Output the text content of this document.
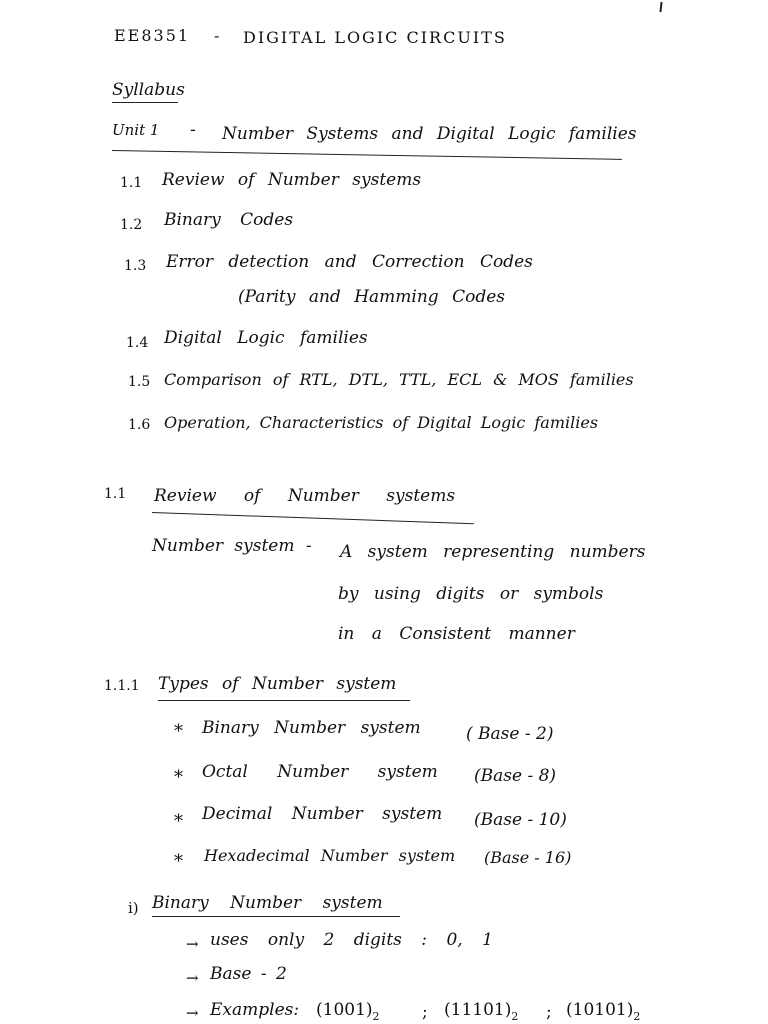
EE8351 - DIGITAL LOGIC CIRCUITS
Syllabus
Unit 1 - Number Systems and Digital Logic families
1.1 Review of Number systems
1.2 Binary Codes
1.3 Error detection and Correction Codes
(Parity and Hamming Codes
1.4 Digital Logic families
1.5 Comparison of RTL, DTL, TTL, ECL & MOS families
1.6 Operation, Characteristics of Digital Logic families
1.1 Review of Number systems
Number system - A system representing numbers
by using digits or symbols
in a Consistent manner
1.1.1 Types of Number system
* Binary Number system	( Base - 2)
* Octal Number system (Base - 8)
* Decimal Number system (Base - 10)
* Hexadecimal Number system (Base - 16)
i) Binary Number system
→ uses only 2 digits : 0, 1
→ Base - 2
→ Examples: $(1001)_2$ ; $(11101)_2$ ; $(10101)_2$
